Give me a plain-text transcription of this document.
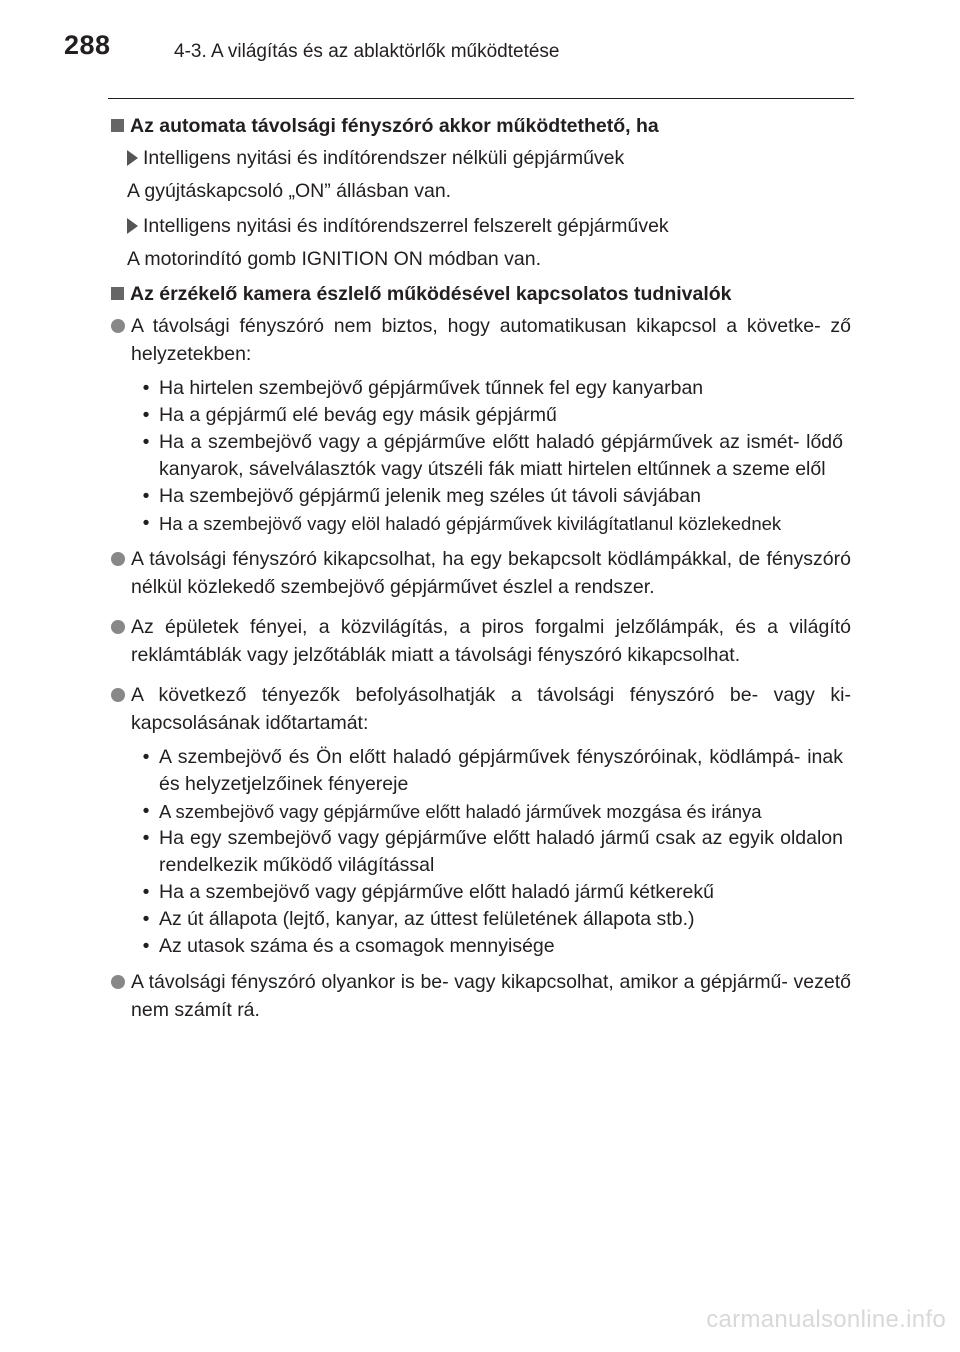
288	4-3. A világítás és az ablaktörlők működtetése
Az automata távolsági fényszóró akkor működtethető, ha
Intelligens nyitási és indítórendszer nélküli gépjárművek
A gyújtáskapcsoló „ON” állásban van.
Intelligens nyitási és indítórendszerrel felszerelt gépjárművek
A motorindító gomb IGNITION ON módban van.
Az érzékelő kamera észlelő működésével kapcsolatos tudnivalók
A távolsági fényszóró nem biztos, hogy automatikusan kikapcsol a követke- ző helyzetekben:
• Ha hirtelen szembejövő gépjárművek tűnnek fel egy kanyarban
• Ha a gépjármű elé bevág egy másik gépjármű
• Ha a szembejövő vagy a gépjárműve előtt haladó gépjárművek az ismét- lődő kanyarok, sávelválasztók vagy útszéli fák miatt hirtelen eltűnnek a szeme elől
• Ha szembejövő gépjármű jelenik meg széles út távoli sávjában
• Ha a szembejövő vagy elöl haladó gépjárművek kivilágítatlanul közlekednek
A távolsági fényszóró kikapcsolhat, ha egy bekapcsolt ködlámpákkal, de fényszóró nélkül közlekedő szembejövő gépjárművet észlel a rendszer.
Az épületek fényei, a közvilágítás, a piros forgalmi jelzőlámpák, és a világító reklámtáblák vagy jelzőtáblák miatt a távolsági fényszóró kikapcsolhat.
A következő tényezők befolyásolhatják a távolsági fényszóró be- vagy ki- kapcsolásának időtartamát:
• A szembejövő és Ön előtt haladó gépjárművek fényszóróinak, ködlámpá- inak és helyzetjelzőinek fényereje
• A szembejövő vagy gépjárműve előtt haladó járművek mozgása és iránya
• Ha egy szembejövő vagy gépjárműve előtt haladó jármű csak az egyik oldalon rendelkezik működő világítással
• Ha a szembejövő vagy gépjárműve előtt haladó jármű kétkerekű
• Az út állapota (lejtő, kanyar, az úttest felületének állapota stb.)
• Az utasok száma és a csomagok mennyisége
A távolsági fényszóró olyankor is be- vagy kikapcsolhat, amikor a gépjármű- vezető nem számít rá.
carmanualsonline.info
